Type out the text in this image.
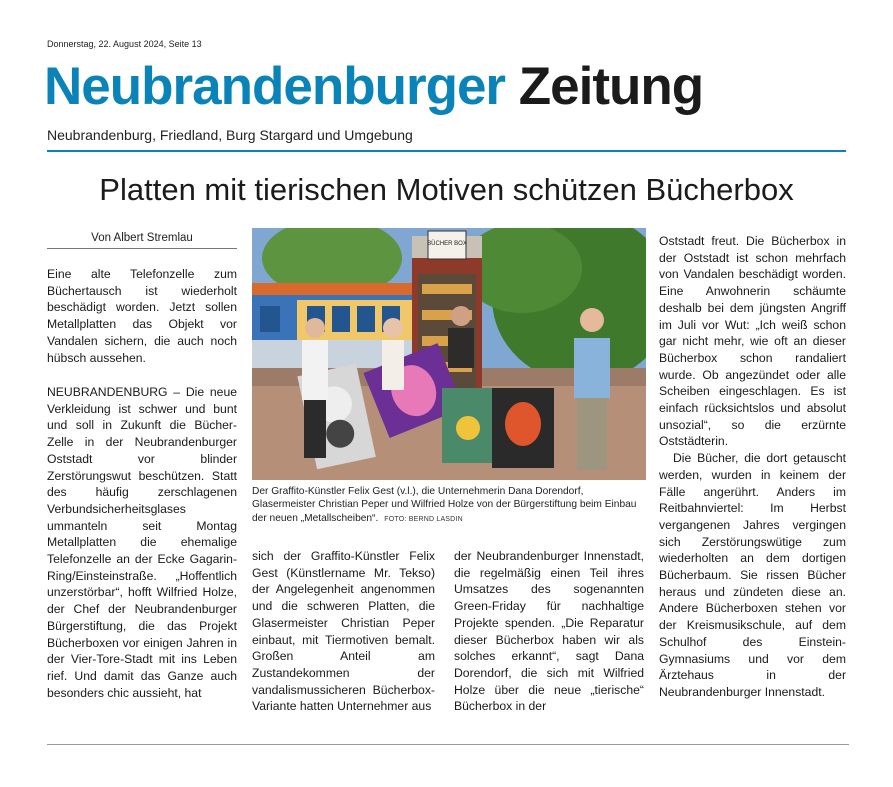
Donnerstag, 22. August 2024, Seite 13
Neubrandenburger Zeitung
Neubrandenburg, Friedland, Burg Stargard und Umgebung
Platten mit tierischen Motiven schützen Bücherbox
Von Albert Stremlau

Eine alte Telefonzelle zum Büchertausch ist wiederholt beschädigt worden. Jetzt sollen Metallplatten das Objekt vor Vandalen sichern, die auch noch hübsch aussehen.

NEUBRANDENBURG – Die neue Verkleidung ist schwer und bunt und soll in Zukunft die Bücher-Zelle in der Neubrandenburger Oststadt vor blinder Zerstörungswut beschützen. Statt des häufig zerschlagenen Verbundsicherheitsglases ummanteln seit Montag Metallplatten die ehemalige Telefonzelle an der Ecke Gagarin-Ring/Einsteinstraße. „Hoffentlich unzerstörbar“, hofft Wilfried Holze, der Chef der Neubrandenburger Bürgerstiftung, die das Projekt Bücherboxen vor einigen Jahren in der Vier-Tore-Stadt mit ins Leben rief. Und damit das Ganze auch besonders chic aussieht, hat

BÜCHER BOX
Der Graffito-Künstler Felix Gest (v.l.), die Unternehmerin Dana Dorendorf, Glasermeister Christian Peper und Wilfried Holze von der Bürgerstiftung beim Einbau der neuen „Metallscheiben“. FOTO: BERND LASDIN

sich der Graffito-Künstler Felix Gest (Künstlername Mr. Tekso) der Angelegenheit angenommen und die schweren Platten, die Glasermeister Christian Peper einbaut, mit Tiermotiven bemalt. Großen Anteil am Zustandekommen der vandalismussicheren Bücherbox-Variante hatten Unternehmer aus

der Neubrandenburger Innenstadt, die regelmäßig einen Teil ihres Umsatzes des sogenannten Green-Friday für nachhaltige Projekte spenden. „Die Reparatur dieser Bücherbox haben wir als solches erkannt“, sagt Dana Dorendorf, die sich mit Wilfried Holze über die neue „tierische“ Bücherbox in der

Oststadt freut. Die Bücherbox in der Oststadt ist schon mehrfach von Vandalen beschädigt worden. Eine Anwohnerin schäumte deshalb bei dem jüngsten Angriff im Juli vor Wut: „Ich weiß schon gar nicht mehr, wie oft an dieser Bücherbox schon randaliert wurde. Ob angezündet oder alle Scheiben eingeschlagen. Es ist einfach rücksichtslos und absolut unsozial“, so die erzürnte Oststädterin.

Die Bücher, die dort getauscht werden, wurden in keinem der Fälle angerührt. Anders im Reitbahnviertel: Im Herbst vergangenen Jahres vergingen sich Zerstörungswütige zum wiederholten an dem dortigen Bücherbaum. Sie rissen Bücher heraus und zündeten diese an. Andere Bücherboxen stehen vor der Kreismusikschule, auf dem Schulhof des Einstein-Gymnasiums und vor dem Ärztehaus in der Neubrandenburger Innenstadt.
